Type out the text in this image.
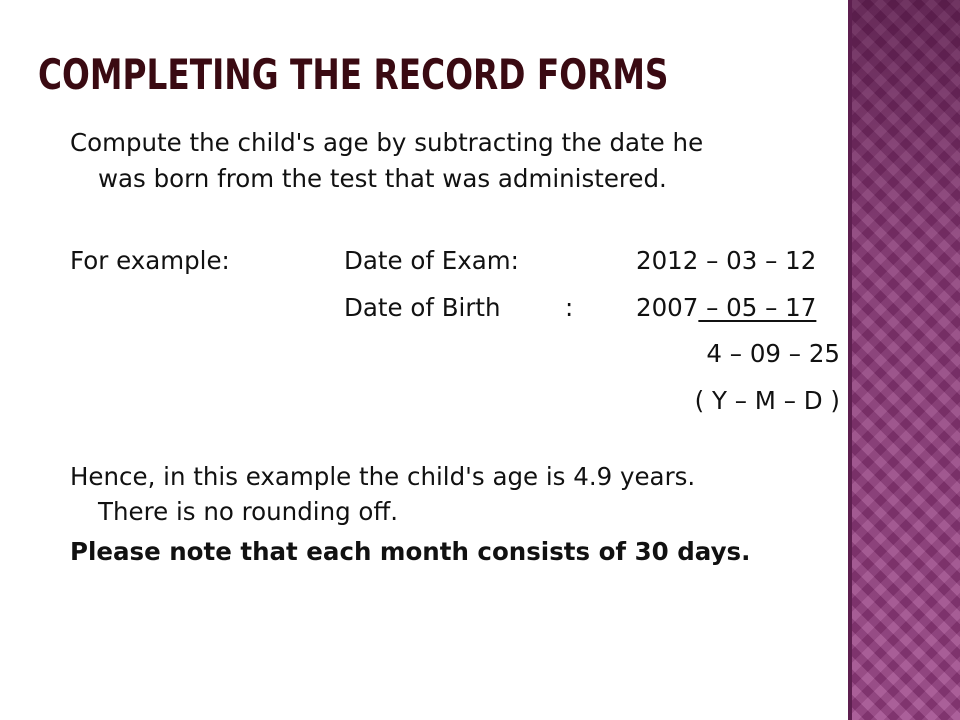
COMPLETING THE RECORD FORMS
Compute the child's age by subtracting the date he
was born from the test that was administered.
For example:	Date of Exam:	2012 – 03 – 12
Date of Birth	:	2007 – 05 – 17
4 – 09 – 25
( Y – M – D )
Hence, in this example the child's age is 4.9 years.
There is no rounding off.
Please note that each month consists of 30 days.
